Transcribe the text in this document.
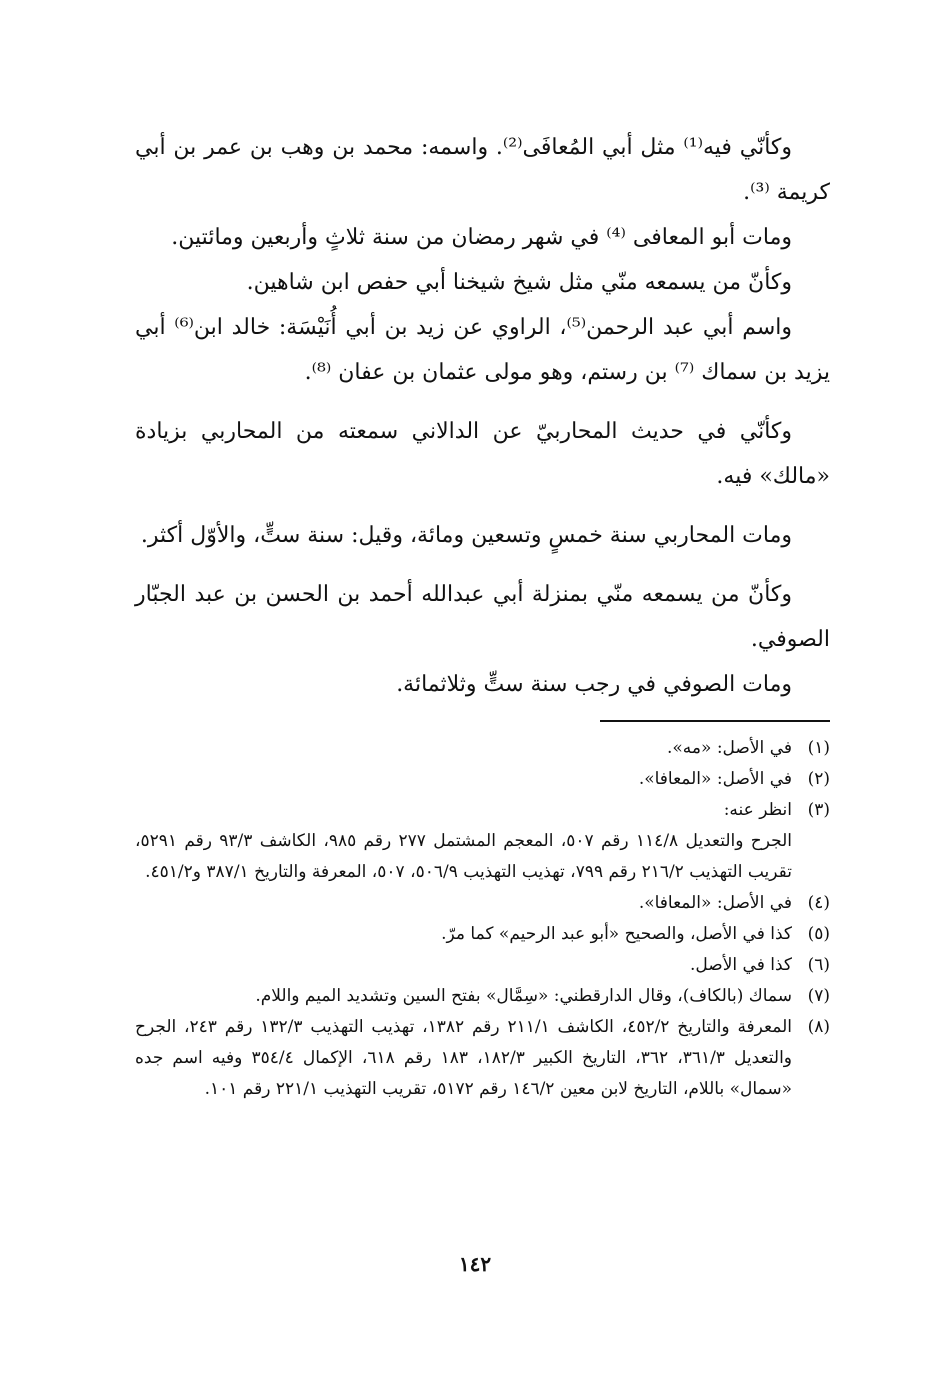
وكأنّي فيه⁽¹⁾ مثل أبي المُعافَى⁽²⁾. واسمه: محمد بن وهب بن عمر بن أبي كريمة ⁽³⁾.

ومات أبو المعافى ⁽⁴⁾ في شهر رمضان من سنة ثلاثٍ وأربعين ومائتين.

وكأنّ من يسمعه منّي مثل شيخ شيخنا أبي حفص ابن شاهين.

واسم أبي عبد الرحمن⁽⁵⁾، الراوي عن زيد بن أبي أُنَيْسَة: خالد ابن⁽⁶⁾ أبي يزيد بن سماك ⁽⁷⁾ بن رستم، وهو مولى عثمان بن عفان ⁽⁸⁾.

وكأنّي في حديث المحاربيّ عن الدالاني سمعته من المحاربي بزيادة «مالك» فيه.

ومات المحاربي سنة خمسٍ وتسعين ومائة، وقيل: سنة ستٍّ، والأوّل أكثر.

وكأنّ من يسمعه منّي بمنزلة أبي عبدالله أحمد بن الحسن بن عبد الجبّار الصوفي.

ومات الصوفي في رجب سنة ستٍّ وثلاثمائة.

(١)
في الأصل: «مه».
(٢)
في الأصل: «المعافا».
(٣)
انظر عنه:

الجرح والتعديل ١١٤/٨ رقم ٥٠٧، المعجم المشتمل ٢٧٧ رقم ٩٨٥، الكاشف ٩٣/٣ رقم ٥٢٩١، تقريب التهذيب ٢١٦/٢ رقم ٧٩٩، تهذيب التهذيب ٥٠٦/٩، ٥٠٧، المعرفة والتاريخ ٣٨٧/١ و٤٥١/٢.

(٤)
في الأصل: «المعافا».
(٥)
كذا في الأصل، والصحيح «أبو عبد الرحيم» كما مرّ.
(٦)
كذا في الأصل.
(٧)
سماك (بالكاف)، وقال الدارقطني: «سِمَّال» بفتح السين وتشديد الميم واللام.
(٨)
المعرفة والتاريخ ٤٥٢/٢، الكاشف ٢١١/١ رقم ١٣٨٢، تهذيب التهذيب ١٣٢/٣ رقم ٢٤٣، الجرح والتعديل ٣٦١/٣، ٣٦٢، التاريخ الكبير ١٨٢/٣، ١٨٣ رقم ٦١٨، الإكمال ٣٥٤/٤ وفيه اسم جده «سمال» باللام، التاريخ لابن معين ١٤٦/٢ رقم ٥١٧٢، تقريب التهذيب ٢٢١/١ رقم ١٠١.
١٤٢
